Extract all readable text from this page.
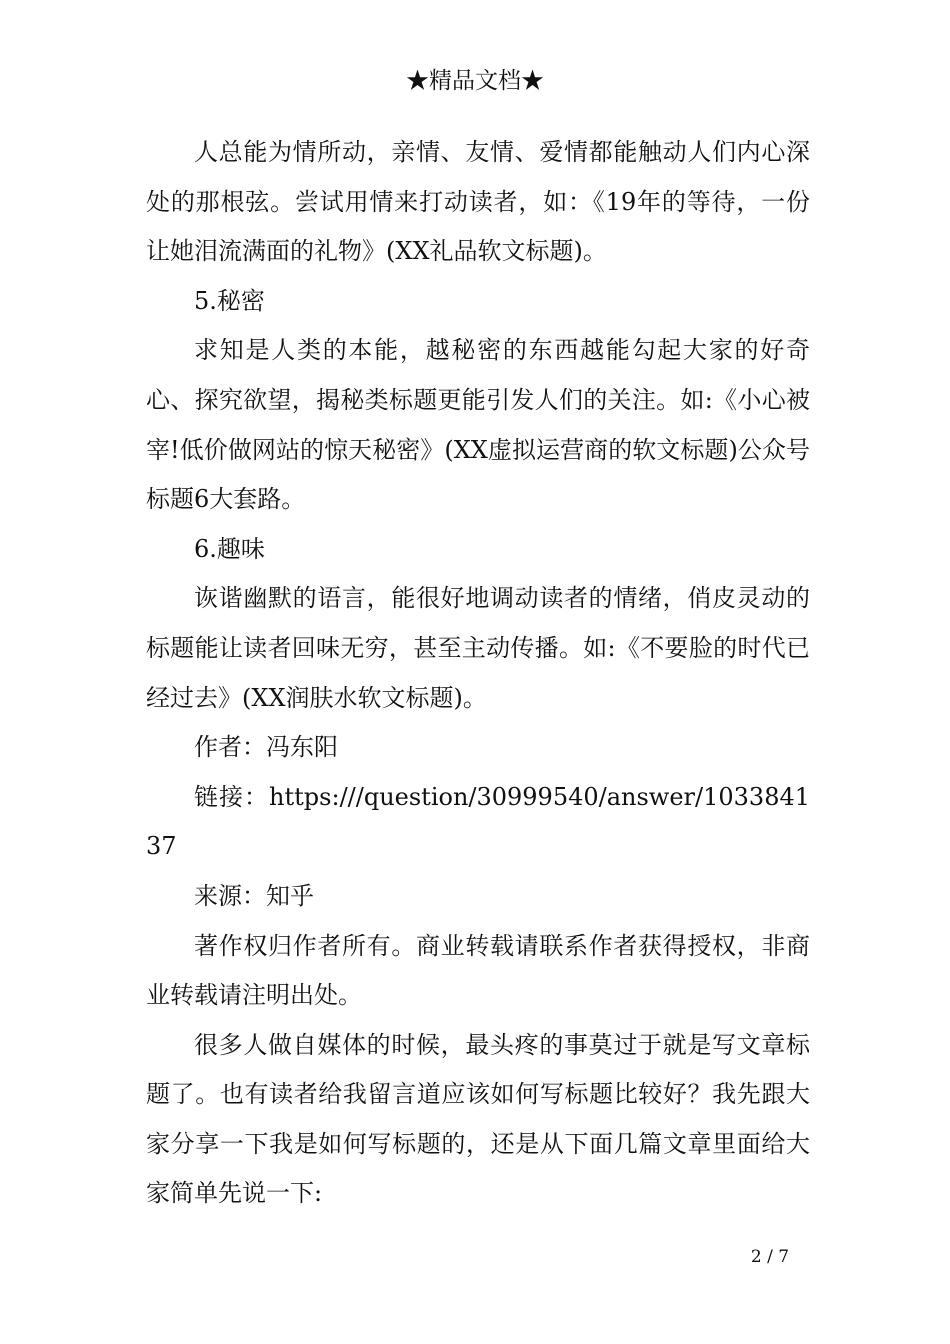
★精品文档★

人总能为情所动，亲情、友情、爱情都能触动人们内心深处的那根弦。尝试用情来打动读者，如：《19年的等待，一份让她泪流满面的礼物》(XX礼品软文标题)。

5.秘密

求知是人类的本能，越秘密的东西越能勾起大家的好奇心、探究欲望，揭秘类标题更能引发人们的关注。如:《小心被宰!低价做网站的惊天秘密》(XX虚拟运营商的软文标题)公众号标题6大套路。

6.趣味

诙谐幽默的语言，能很好地调动读者的情绪，俏皮灵动的标题能让读者回味无穷，甚至主动传播。如:《不要脸的时代已经过去》(XX润肤水软文标题)。

作者：冯东阳

链接：https:///question/30999540/answer/103384137

来源：知乎

著作权归作者所有。商业转载请联系作者获得授权，非商业转载请注明出处。

很多人做自媒体的时候，最头疼的事莫过于就是写文章标题了。也有读者给我留言道应该如何写标题比较好？我先跟大家分享一下我是如何写标题的，还是从下面几篇文章里面给大家简单先说一下:

2 / 7
